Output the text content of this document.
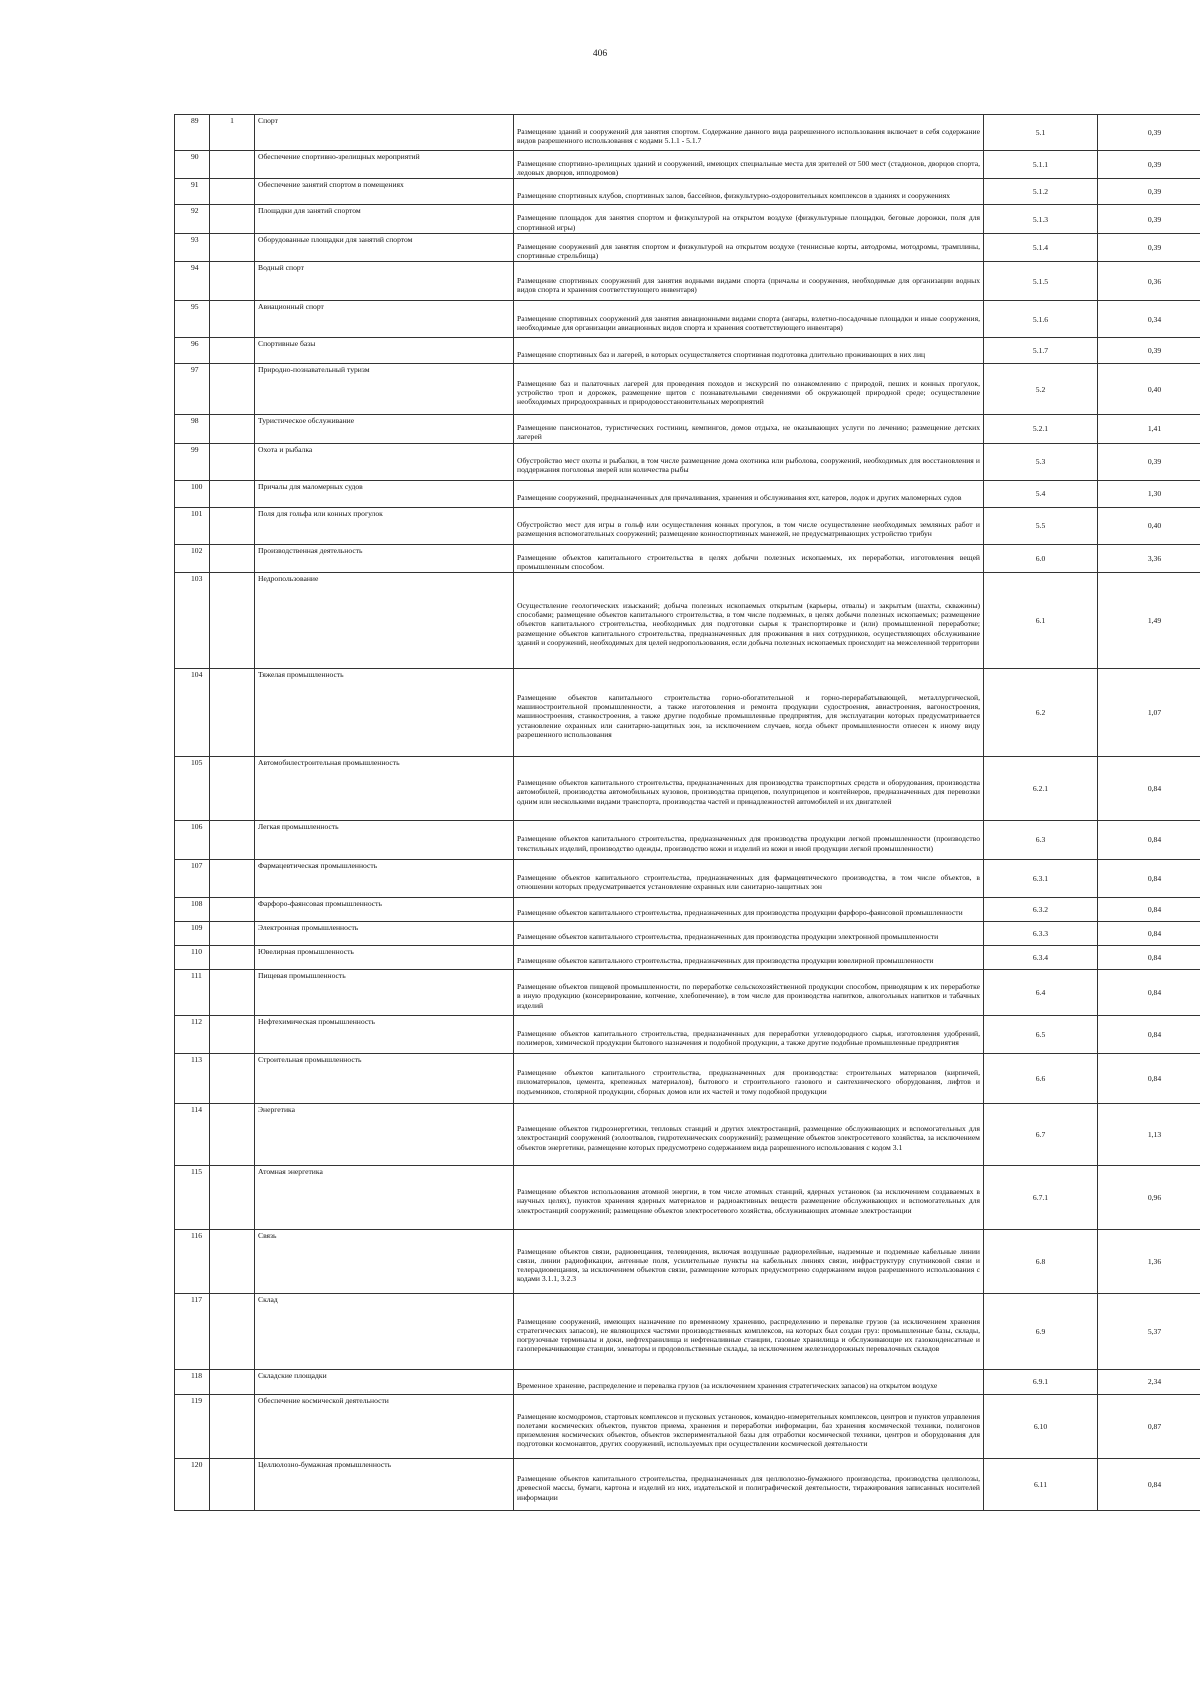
406
89	1	Спорт	Размещение зданий и сооружений для занятия спортом. Содержание данного вида разрешенного использования включает в себя содержание видов разрешенного использования с кодами 5.1.1 - 5.1.7	5.1	0,39
90		Обеспечение спортивно-зрелищных мероприятий	Размещение спортивно-зрелищных зданий и сооружений, имеющих специальные места для зрителей от 500 мест (стадионов, дворцов спорта, ледовых дворцов, ипподромов)	5.1.1	0,39
91		Обеспечение занятий спортом в помещениях	Размещение спортивных клубов, спортивных залов, бассейнов, физкультурно-оздоровительных комплексов в зданиях и сооружениях	5.1.2	0,39
92		Площадки для занятий спортом	Размещение площадок для занятия спортом и физкультурой на открытом воздухе (физкультурные площадки, беговые дорожки, поля для спортивной игры)	5.1.3	0,39
93		Оборудованные площадки для занятий спортом	Размещение сооружений для занятия спортом и физкультурой на открытом воздухе (теннисные корты, автодромы, мотодромы, трамплины, спортивные стрельбища)	5.1.4	0,39
94		Водный спорт	Размещение спортивных сооружений для занятия водными видами спорта (причалы и сооружения, необходимые для организации водных видов спорта и хранения соответствующего инвентаря)	5.1.5	0,36
95		Авиационный спорт	Размещение спортивных сооружений для занятия авиационными видами спорта (ангары, взлетно-посадочные площадки и иные сооружения, необходимые для организации авиационных видов спорта и хранения соответствующего инвентаря)	5.1.6	0,34
96		Спортивные базы	Размещение спортивных баз и лагерей, в которых осуществляется спортивная подготовка длительно проживающих в них лиц	5.1.7	0,39
97		Природно-познавательный туризм	Размещение баз и палаточных лагерей для проведения походов и экскурсий по ознакомлению с природой, пеших и конных прогулок, устройство троп и дорожек, размещение щитов с познавательными сведениями об окружающей природной среде; осуществление необходимых природоохранных и природовосстановительных мероприятий	5.2	0,40
98		Туристическое обслуживание	Размещение пансионатов, туристических гостиниц, кемпингов, домов отдыха, не оказывающих услуги по лечению; размещение детских лагерей	5.2.1	1,41
99		Охота и рыбалка	Обустройство мест охоты и рыбалки, в том числе размещение дома охотника или рыболова, сооружений, необходимых для восстановления и поддержания поголовья зверей или количества рыбы	5.3	0,39
100		Причалы для маломерных судов	Размещение сооружений, предназначенных для причаливания, хранения и обслуживания яхт, катеров, лодок и других маломерных судов	5.4	1,30
101		Поля для гольфа или конных прогулок	Обустройство мест для игры в гольф или осуществления конных прогулок, в том числе осуществление необходимых земляных работ и размещения вспомогательных сооружений; размещение конноспортивных манежей, не предусматривающих устройство трибун	5.5	0,40
102		Производственная деятельность	Размещение объектов капитального строительства в целях добычи полезных ископаемых, их переработки, изготовления вещей промышленным способом.	6.0	3,36
103		Недропользование	Осуществление геологических изысканий; добыча полезных ископаемых открытым (карьеры, отвалы) и закрытым (шахты, скважины) способами; размещение объектов капитального строительства, в том числе подземных, в целях добычи полезных ископаемых; размещение объектов капитального строительства, необходимых для подготовки сырья к транспортировке и (или) промышленной переработке; размещение объектов капитального строительства, предназначенных для проживания в них сотрудников, осуществляющих обслуживание зданий и сооружений, необходимых для целей недропользования, если добыча полезных ископаемых происходит на межселенной территории	6.1	1,49
104		Тяжелая промышленность	Размещение объектов капитального строительства горно-обогатительной и горно-перерабатывающей, металлургической, машиностроительной промышленности, а также изготовления и ремонта продукции судостроения, авиастроения, вагоностроения, машиностроения, станкостроения, а также другие подобные промышленные предприятия, для эксплуатации которых предусматривается установление охранных или санитарно-защитных зон, за исключением случаев, когда объект промышленности отнесен к иному виду разрешенного использования	6.2	1,07
105		Автомобилестроительная промышленность	Размещение объектов капитального строительства, предназначенных для производства транспортных средств и оборудования, производства автомобилей, производства автомобильных кузовов, производства прицепов, полуприцепов и контейнеров, предназначенных для перевозки одним или несколькими видами транспорта, производства частей и принадлежностей автомобилей и их двигателей	6.2.1	0,84
106		Легкая промышленность	Размещение объектов капитального строительства, предназначенных для производства продукции легкой промышленности (производство текстильных изделий, производство одежды, производство кожи и изделий из кожи и иной продукции легкой промышленности)	6.3	0,84
107		Фармацевтическая промышленность	Размещение объектов капитального строительства, предназначенных для фармацевтического производства, в том числе объектов, в отношении которых предусматривается установление охранных или санитарно-защитных зон	6.3.1	0,84
108		Фарфоро-фаянсовая промышленность	Размещение объектов капитального строительства, предназначенных для производства продукции фарфоро-фаянсовой промышленности	6.3.2	0,84
109		Электронная промышленность	Размещение объектов капитального строительства, предназначенных для производства продукции электронной промышленности	6.3.3	0,84
110		Ювелирная промышленность	Размещение объектов капитального строительства, предназначенных для производства продукции ювелирной промышленности	6.3.4	0,84
111		Пищевая промышленность	Размещение объектов пищевой промышленности, по переработке сельскохозяйственной продукции способом, приводящим к их переработке в иную продукцию (консервирование, копчение, хлебопечение), в том числе для производства напитков, алкогольных напитков и табачных изделий	6.4	0,84
112		Нефтехимическая промышленность	Размещение объектов капитального строительства, предназначенных для переработки углеводородного сырья, изготовления удобрений, полимеров, химической продукции бытового назначения и подобной продукции, а также другие подобные промышленные предприятия	6.5	0,84
113		Строительная промышленность	Размещение объектов капитального строительства, предназначенных для производства: строительных материалов (кирпичей, пиломатериалов, цемента, крепежных материалов), бытового и строительного газового и сантехнического оборудования, лифтов и подъемников, столярной продукции, сборных домов или их частей и тому подобной продукции	6.6	0,84
114		Энергетика	Размещение объектов гидроэнергетики, тепловых станций и других электростанций, размещение обслуживающих и вспомогательных для электростанций сооружений (золоотвалов, гидротехнических сооружений); размещение объектов электросетевого хозяйства, за исключением объектов энергетики, размещение которых предусмотрено содержанием вида разрешенного использования с кодом 3.1	6.7	1,13
115		Атомная энергетика	Размещение объектов использования атомной энергии, в том числе атомных станций, ядерных установок (за исключением создаваемых в научных целях), пунктов хранения ядерных материалов и радиоактивных веществ размещение обслуживающих и вспомогательных для электростанций сооружений; размещение объектов электросетевого хозяйства, обслуживающих атомные электростанции	6.7.1	0,96
116		Связь	Размещение объектов связи, радиовещания, телевидения, включая воздушные радиорелейные, надземные и подземные кабельные линии связи, линии радиофикации, антенные поля, усилительные пункты на кабельных линиях связи, инфраструктуру спутниковой связи и телерадиовещания, за исключением объектов связи, размещение которых предусмотрено содержанием видов разрешенного использования с кодами 3.1.1, 3.2.3	6.8	1,36
117		Склад	Размещение сооружений, имеющих назначение по временному хранению, распределению и перевалке грузов (за исключением хранения стратегических запасов), не являющихся частями производственных комплексов, на которых был создан груз: промышленные базы, склады, погрузочные терминалы и доки, нефтехранилища и нефтеналивные станции, газовые хранилища и обслуживающие их газоконденсатные и газоперекачивающие станции, элеваторы и продовольственные склады, за исключением железнодорожных перевалочных складов	6.9	5,37
118		Складские площадки	Временное хранение, распределение и перевалка грузов (за исключением хранения стратегических запасов) на открытом воздухе	6.9.1	2,34
119		Обеспечение космической деятельности	Размещение космодромов, стартовых комплексов и пусковых установок, командно-измерительных комплексов, центров и пунктов управления полетами космических объектов, пунктов приема, хранения и переработки информации, баз хранения космической техники, полигонов приземления космических объектов, объектов экспериментальной базы для отработки космической техники, центров и оборудования для подготовки космонавтов, других сооружений, используемых при осуществлении космической деятельности	6.10	0,87
120		Целлюлозно-бумажная промышленность	Размещение объектов капитального строительства, предназначенных для целлюлозно-бумажного производства, производства целлюлозы, древесной массы, бумаги, картона и изделий из них, издательской и полиграфической деятельности, тиражирования записанных носителей информации	6.11	0,84
